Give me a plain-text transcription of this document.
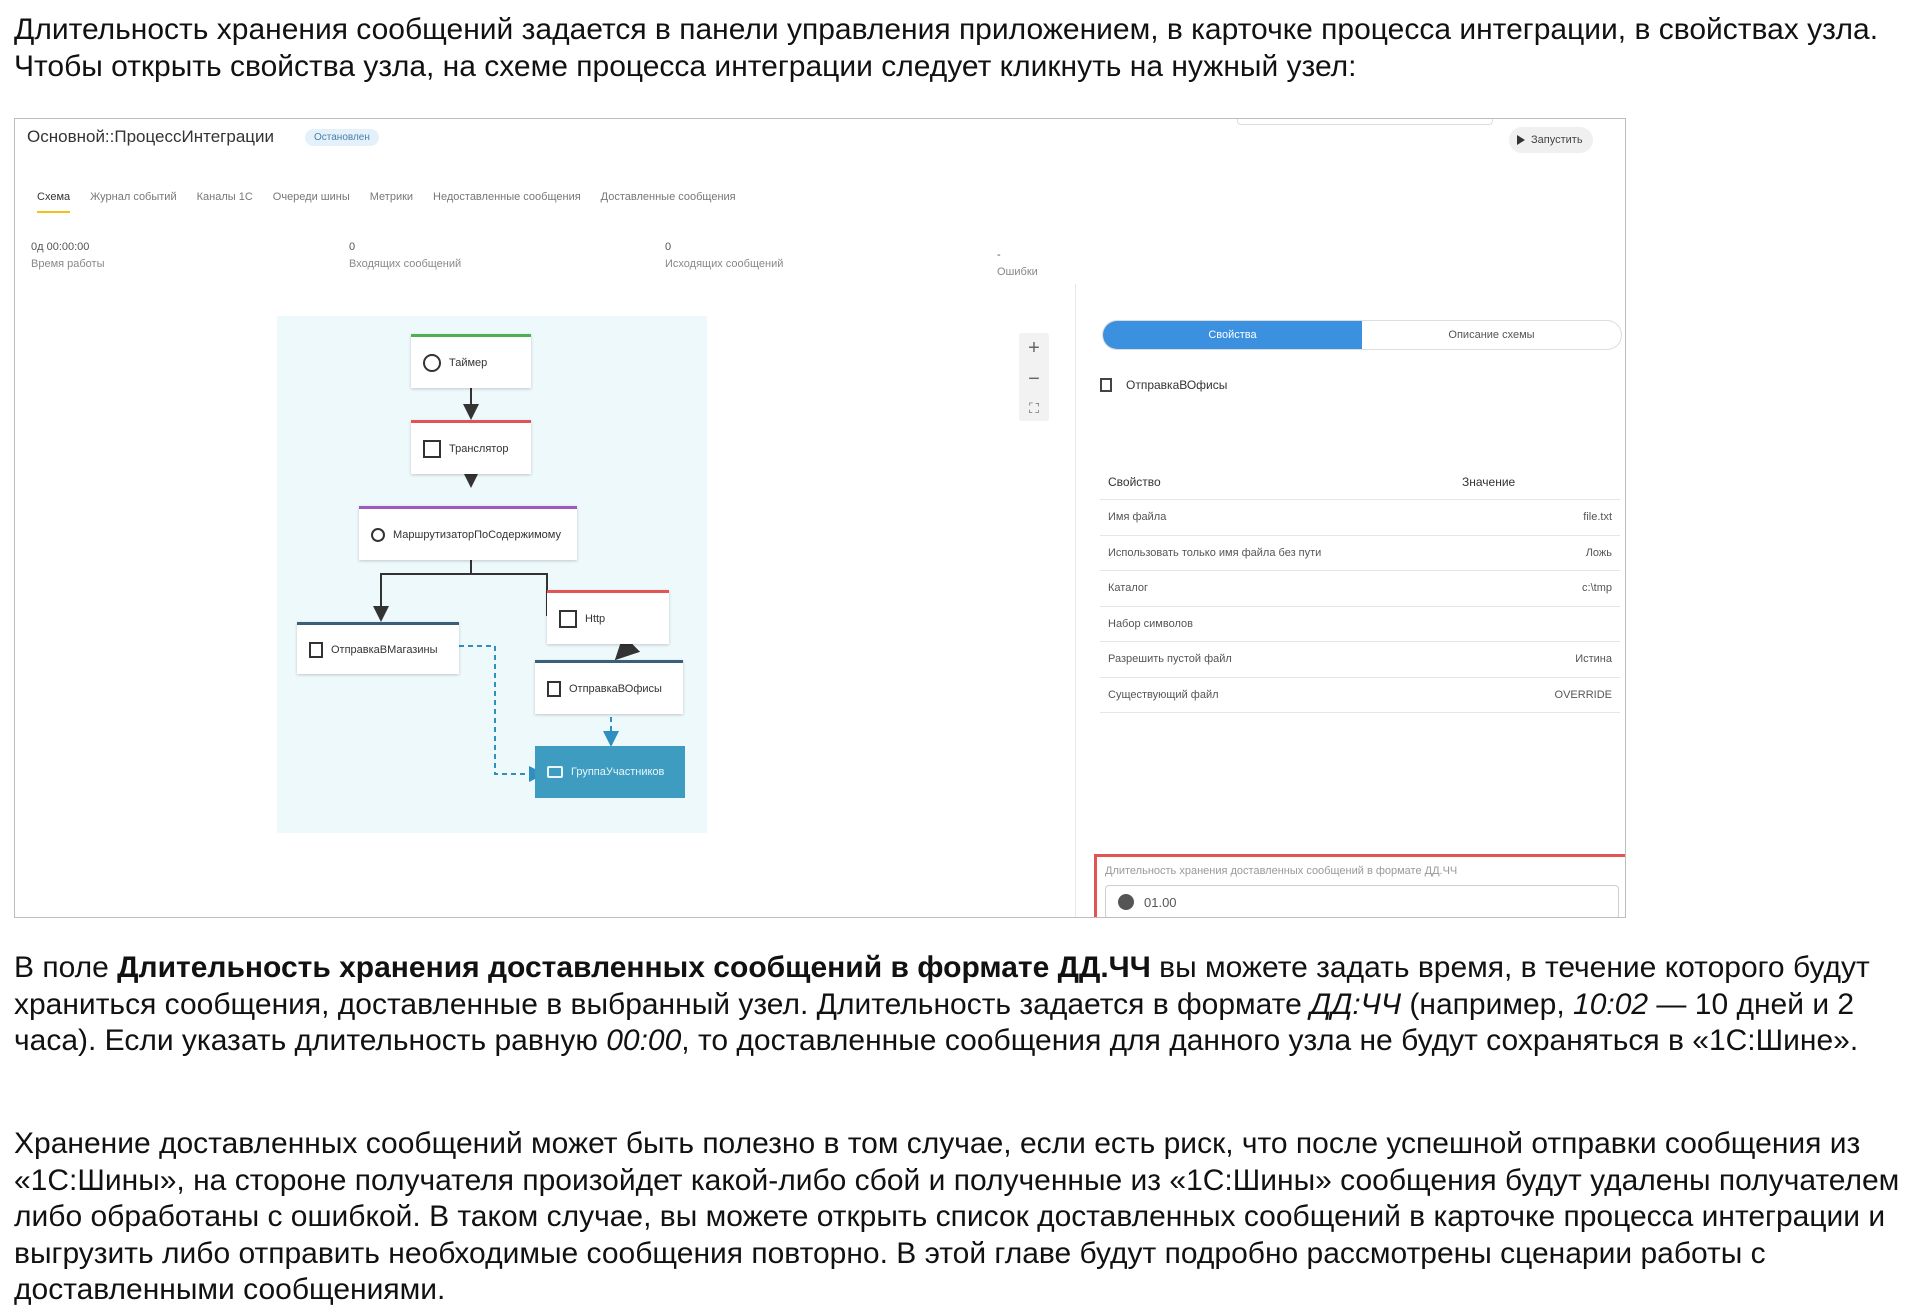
Длительность хранения сообщений задается в панели управления приложением, в карточке процесса интеграции, в свойствах узла. Чтобы открыть свойства узла, на схеме процесса интеграции следует кликнуть на нужный узел:
Основной::ПроцессИнтеграции	Остановлен	Запустить
Схема Журнал событий Каналы 1С Очереди шины Метрики Недоставленные сообщения Доставленные сообщения
0д 00:00:00
Время работы
0
Входящих сообщений
0
Исходящих сообщений
-
Ошибки
Таймер
Транслятор
МаршрутизаторПоСодержимому
Http
ОтправкаВМагазины
ОтправкаВОфисы
ГруппаУчастников
+
−
⛶
Свойства	Описание схемы
ОтправкаВОфисы
Свойство	Значение
Имя файла	file.txt
Использовать только имя файла без пути	Ложь
Каталог	c:\tmp
Набор символов
Разрешить пустой файл	Истина
Существующий файл	OVERRIDE
Длительность хранения доставленных сообщений в формате ДД.ЧЧ
01.00
В поле Длительность хранения доставленных сообщений в формате ДД.ЧЧ вы можете задать время, в течение которого будут храниться сообщения, доставленные в выбранный узел. Длительность задается в формате ДД:ЧЧ (например, 10:02 — 10 дней и 2 часа). Если указать длительность равную 00:00, то доставленные сообщения для данного узла не будут сохраняться в «1С:Шине».
Хранение доставленных сообщений может быть полезно в том случае, если есть риск, что после успешной отправки сообщения из «1С:Шины», на стороне получателя произойдет какой-либо сбой и полученные из «1С:Шины» сообщения будут удалены получателем либо обработаны с ошибкой. В таком случае, вы можете открыть список доставленных сообщений в карточке процесса интеграции и выгрузить либо отправить необходимые сообщения повторно. В этой главе будут подробно рассмотрены сценарии работы с доставленными сообщениями.
